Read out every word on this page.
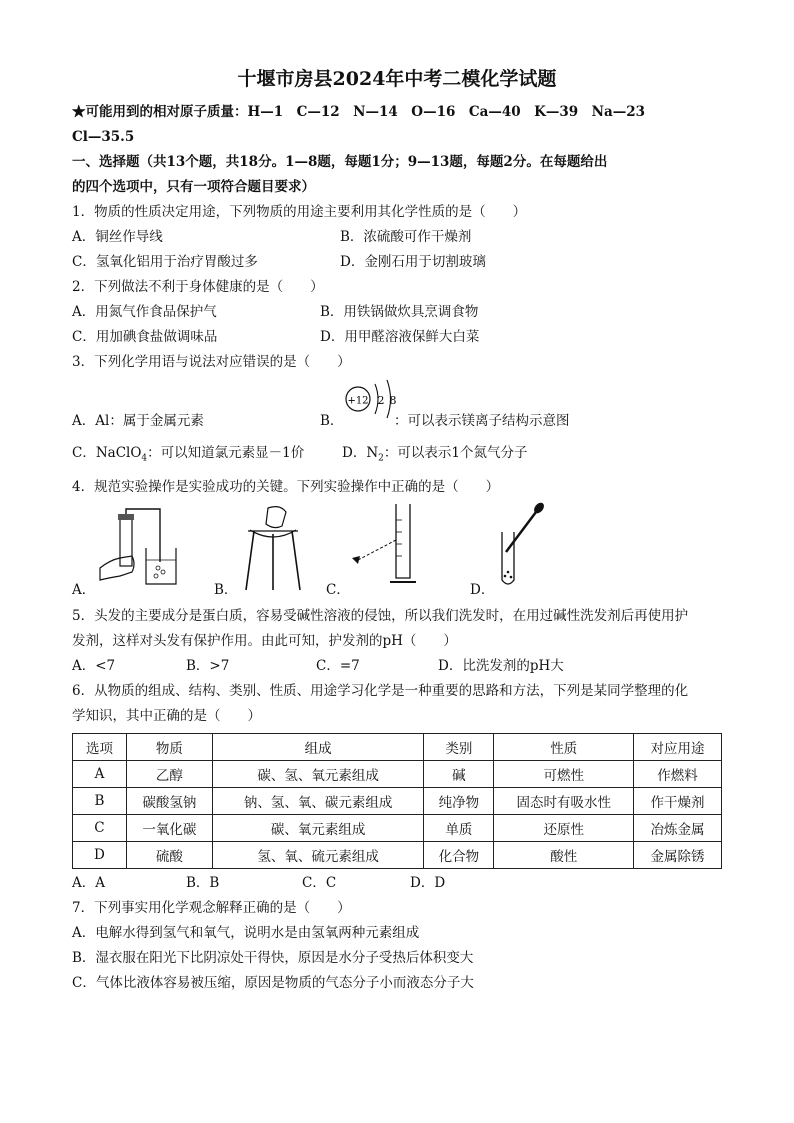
十堰市房县2024年中考二模化学试题
★可能用到的相对原子质量：H—1　C—12　N—14　O—16　Ca—40　K—39　Na—23
Cl—35.5
一、选择题（共13个题，共18分。1—8题，每题1分；9—13题，每题2分。在每题给出
的四个选项中，只有一项符合题目要求）
1．物质的性质决定用途，下列物质的用途主要利用其化学性质的是（　　）
A．铜丝作导线	B．浓硫酸可作干燥剂
C．氢氧化铝用于治疗胃酸过多	D．金刚石用于切割玻璃
2．下列做法不利于身体健康的是（　　）
A．用氮气作食品保护气	B．用铁锅做炊具烹调食物
C．用加碘食盐做调味品	D．用甲醛溶液保鲜大白菜
3．下列化学用语与说法对应错误的是（　　）
A．Al：属于金属元素	B．
+12 2 8
：可以表示镁离子结构示意图
C．NaClO$_4$：可以知道氯元素显－1价	D．$N_2$：可以表示1个氮气分子
4．规范实验操作是实验成功的关键。下列实验操作中正确的是（　　）
A．	B．	C．	D．
5．头发的主要成分是蛋白质，容易受碱性溶液的侵蚀，所以我们洗发时，在用过碱性洗发剂后再使用护
发剂，这样对头发有保护作用。由此可知，护发剂的pH（　　）
A．<7	B．>7	C．=7	D．比洗发剂的pH大
6．从物质的组成、结构、类别、性质、用途学习化学是一种重要的思路和方法，下列是某同学整理的化
学知识，其中正确的是（　　）
选项	物质	组成	类别	性质	对应用途
A	乙醇	碳、氢、氧元素组成	碱	可燃性	作燃料
B	碳酸氢钠	钠、氢、氧、碳元素组成	纯净物	固态时有吸水性	作干燥剂
C	一氧化碳	碳、氧元素组成	单质	还原性	冶炼金属
D	硫酸	氢、氧、硫元素组成	化合物	酸性	金属除锈
A．A	B．B	C．C	D．D
7．下列事实用化学观念解释正确的是（　　）
A．电解水得到氢气和氧气，说明水是由氢氧两种元素组成
B．湿衣服在阳光下比阴凉处干得快，原因是水分子受热后体积变大
C．气体比液体容易被压缩，原因是物质的气态分子小而液态分子大
